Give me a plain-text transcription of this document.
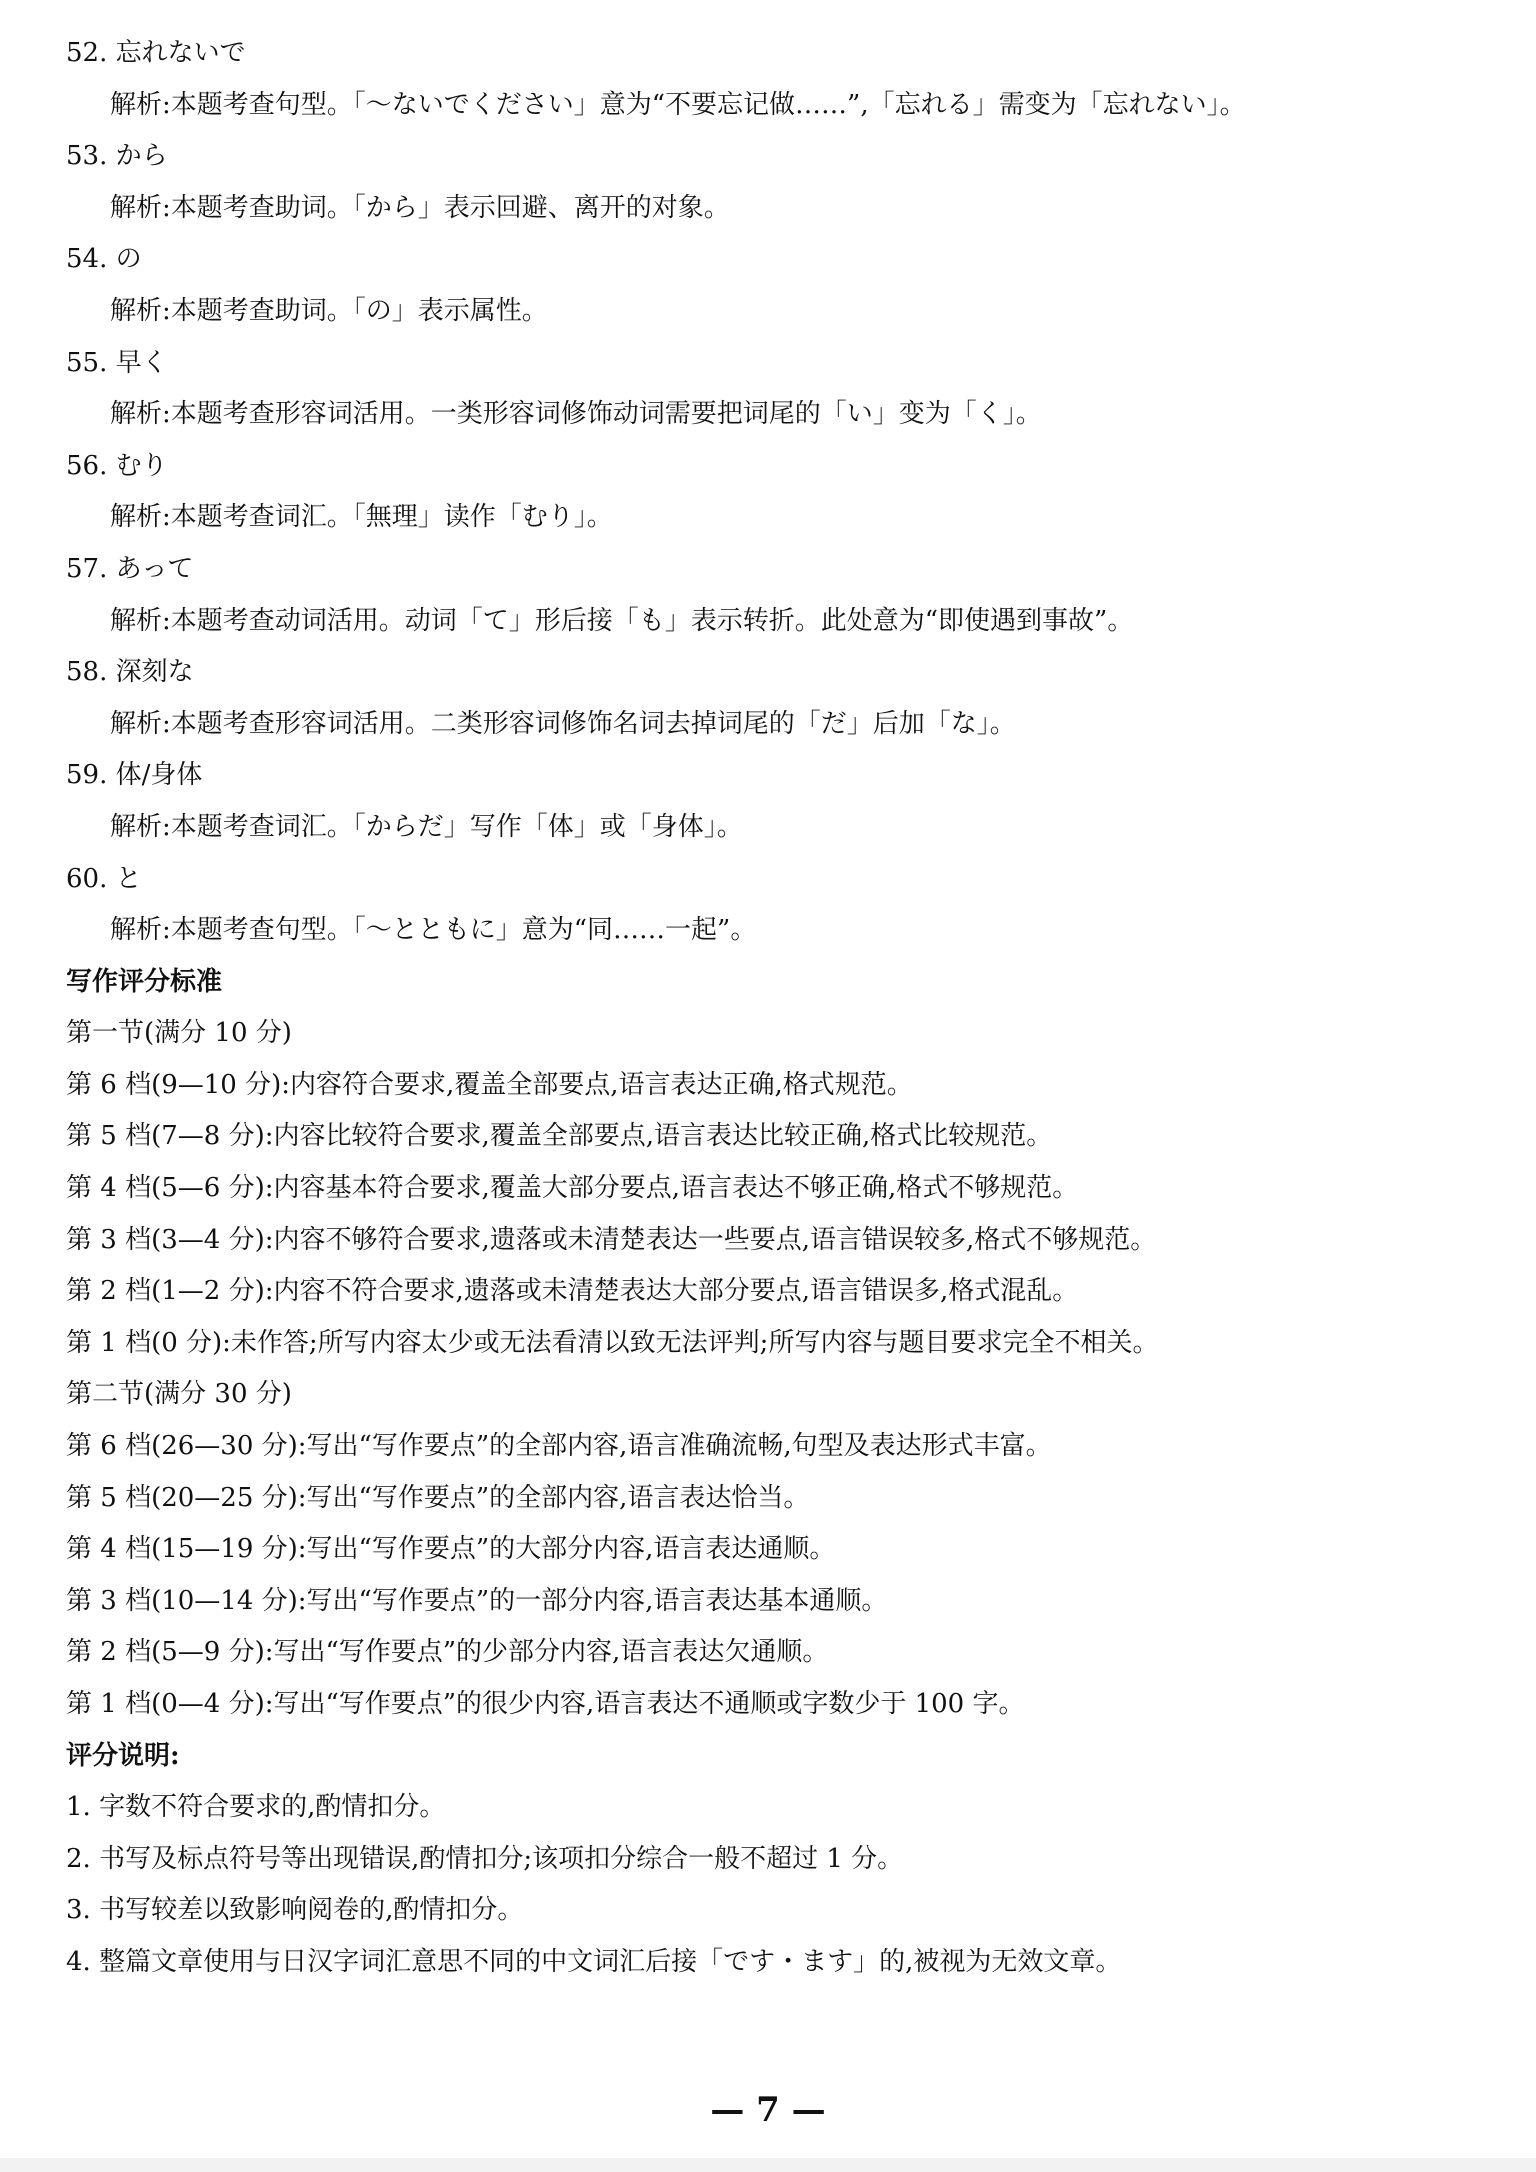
52. 忘れないで
解析:本题考查句型。「～ないでください」意为“不要忘记做……”,「忘れる」需变为「忘れない」。
53. から
解析:本题考查助词。「から」表示回避、离开的对象。
54. の
解析:本题考查助词。「の」表示属性。
55. 早く
解析:本题考查形容词活用。一类形容词修饰动词需要把词尾的「い」变为「く」。
56. むり
解析:本题考查词汇。「無理」读作「むり」。
57. あって
解析:本题考查动词活用。动词「て」形后接「も」表示转折。此处意为“即使遇到事故”。
58. 深刻な
解析:本题考查形容词活用。二类形容词修饰名词去掉词尾的「だ」后加「な」。
59. 体/身体
解析:本题考查词汇。「からだ」写作「体」或「身体」。
60. と
解析:本题考查句型。「～とともに」意为“同……一起”。
写作评分标准
第一节(满分 10 分)
第 6 档(9—10 分):内容符合要求,覆盖全部要点,语言表达正确,格式规范。
第 5 档(7—8 分):内容比较符合要求,覆盖全部要点,语言表达比较正确,格式比较规范。
第 4 档(5—6 分):内容基本符合要求,覆盖大部分要点,语言表达不够正确,格式不够规范。
第 3 档(3—4 分):内容不够符合要求,遗落或未清楚表达一些要点,语言错误较多,格式不够规范。
第 2 档(1—2 分):内容不符合要求,遗落或未清楚表达大部分要点,语言错误多,格式混乱。
第 1 档(0 分):未作答;所写内容太少或无法看清以致无法评判;所写内容与题目要求完全不相关。
第二节(满分 30 分)
第 6 档(26—30 分):写出“写作要点”的全部内容,语言准确流畅,句型及表达形式丰富。
第 5 档(20—25 分):写出“写作要点”的全部内容,语言表达恰当。
第 4 档(15—19 分):写出“写作要点”的大部分内容,语言表达通顺。
第 3 档(10—14 分):写出“写作要点”的一部分内容,语言表达基本通顺。
第 2 档(5—9 分):写出“写作要点”的少部分内容,语言表达欠通顺。
第 1 档(0—4 分):写出“写作要点”的很少内容,语言表达不通顺或字数少于 100 字。
评分说明:
1. 字数不符合要求的,酌情扣分。
2. 书写及标点符号等出现错误,酌情扣分;该项扣分综合一般不超过 1 分。
3. 书写较差以致影响阅卷的,酌情扣分。
4. 整篇文章使用与日汉字词汇意思不同的中文词汇后接「です・ます」的,被视为无效文章。
— 7 —
